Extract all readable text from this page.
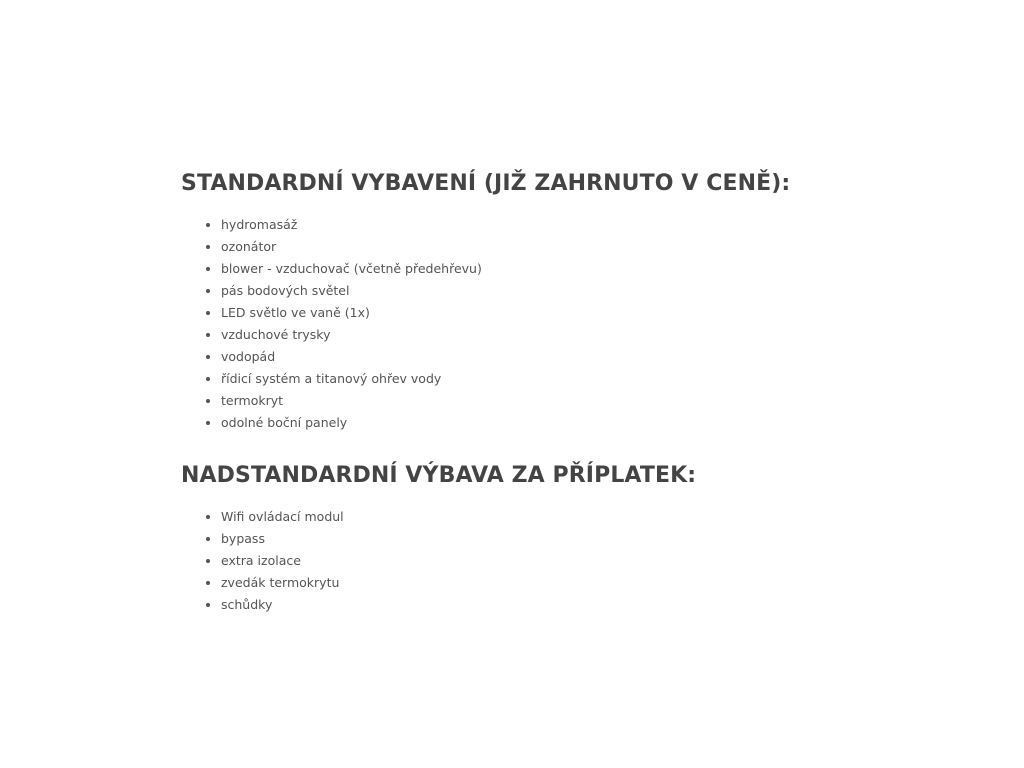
STANDARDNÍ VYBAVENÍ (JIŽ ZAHRNUTO V CENĚ):
hydromasáž
ozonátor
blower - vzduchovač (včetně předehřevu)
pás bodových světel
LED světlo ve vaně (1x)
vzduchové trysky
vodopád
řídicí systém a titanový ohřev vody
termokryt
odolné boční panely
NADSTANDARDNÍ VÝBAVA ZA PŘÍPLATEK:
Wifi ovládací modul
bypass
extra izolace
zvedák termokrytu
schůdky
